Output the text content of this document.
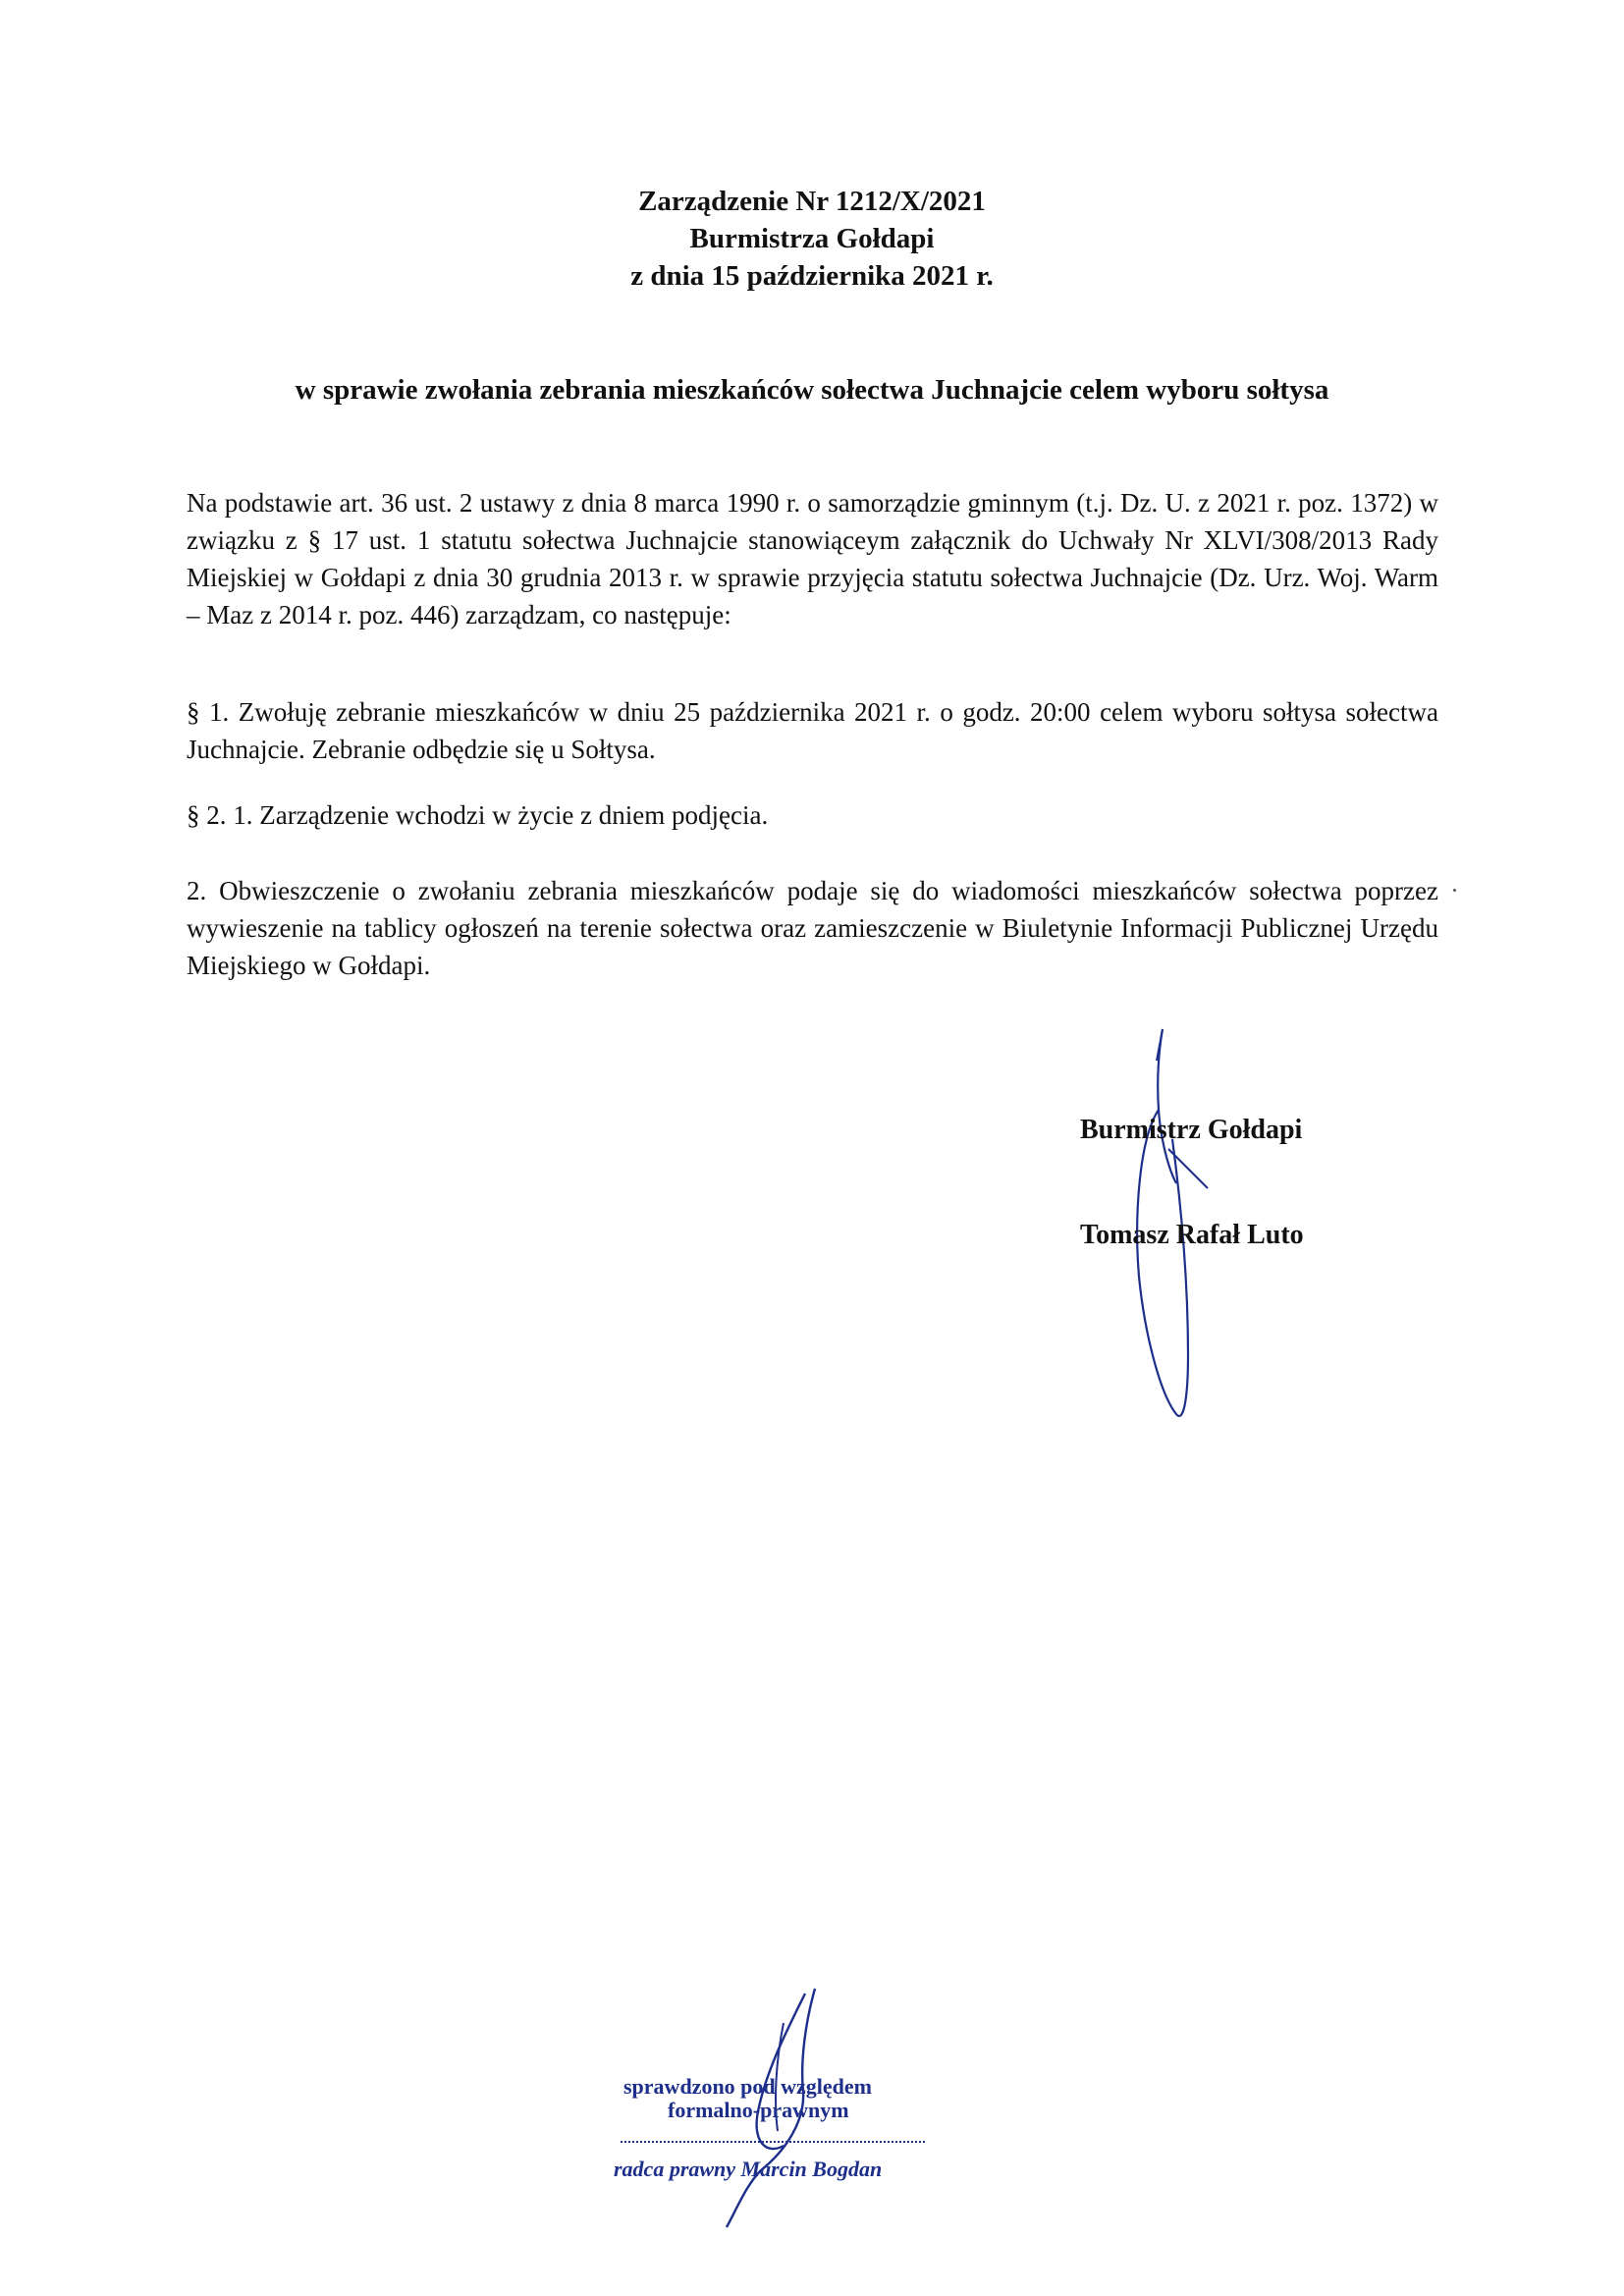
Zarządzenie Nr 1212/X/2021
Burmistrza Gołdapi
z dnia 15 października 2021 r.
w sprawie zwołania zebrania mieszkańców sołectwa Juchnajcie celem wyboru sołtysa

Na podstawie art. 36 ust. 2 ustawy z dnia 8 marca 1990 r. o samorządzie gminnym (t.j. Dz. U. z 2021 r. poz. 1372) w związku z § 17 ust. 1 statutu sołectwa Juchnajcie stanowiąceym załącznik do Uchwały Nr XLVI/308/2013 Rady Miejskiej w Gołdapi z dnia 30 grudnia 2013 r. w sprawie przyjęcia statutu sołectwa Juchnajcie (Dz. Urz. Woj. Warm – Maz z 2014 r. poz. 446) zarządzam, co następuje:

§ 1. Zwołuję zebranie mieszkańców w dniu 25 października 2021 r. o godz. 20:00 celem wyboru sołtysa sołectwa Juchnajcie. Zebranie odbędzie się u Sołtysa.

§ 2. 1. Zarządzenie wchodzi w życie z dniem podjęcia.

2. Obwieszczenie o zwołaniu zebrania mieszkańców podaje się do wiadomości mieszkańców sołectwa poprzez wywieszenie na tablicy ogłoszeń na terenie sołectwa oraz zamieszczenie w Biuletynie Informacji Publicznej Urzędu Miejskiego w Gołdapi.

Burmistrz Gołdapi
Tomasz Rafał Luto
sprawdzono pod względem
formalno-prawnym
radca prawny Marcin Bogdan
